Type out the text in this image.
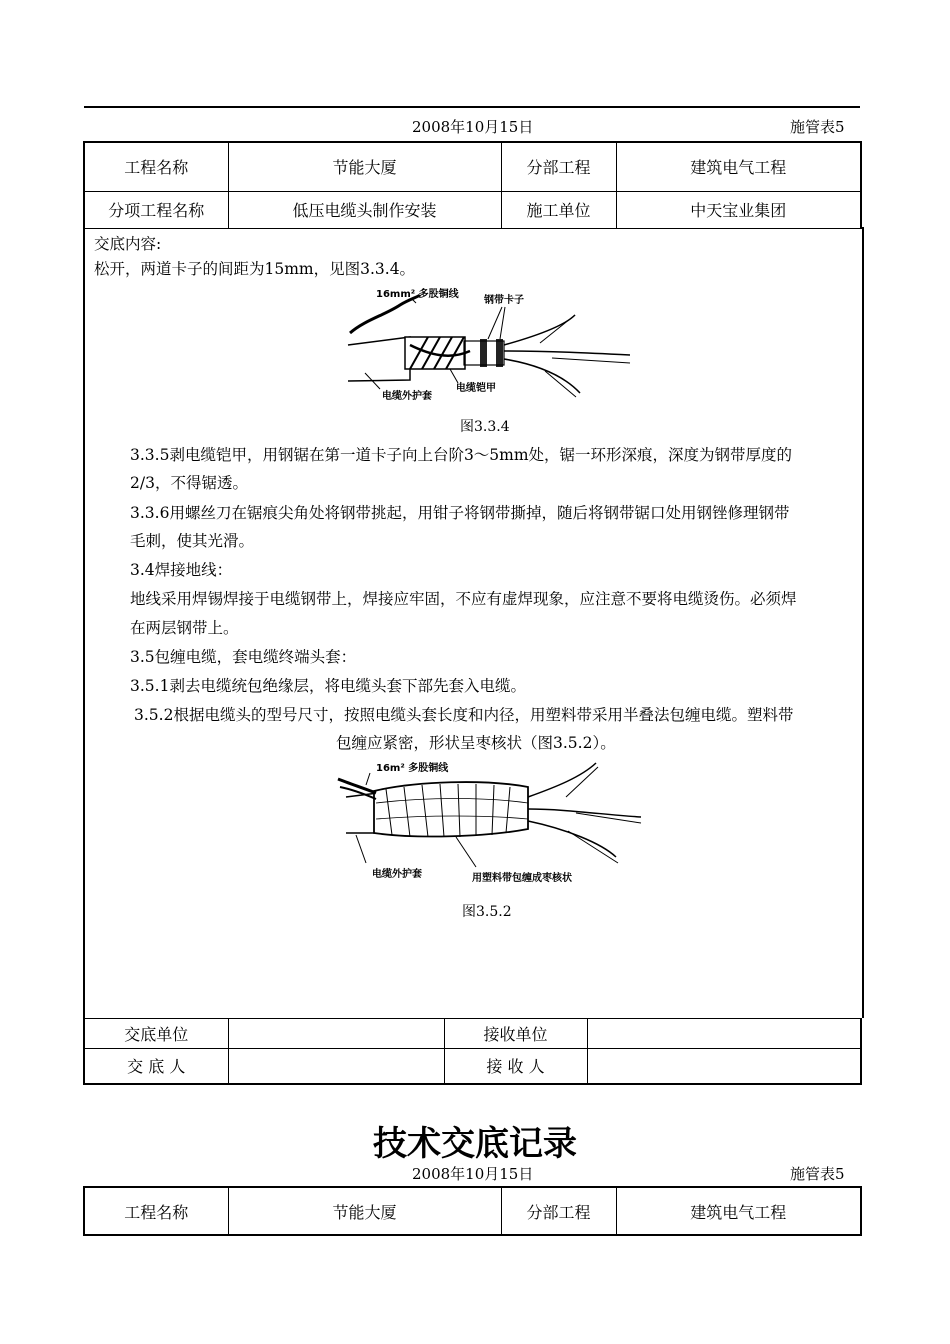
2008年10月15日	施管表5
工程名称	节能大厦	分部工程	建筑电气工程
分项工程名称	低压电缆头制作安装	施工单位	中天宝业集团
交底内容:
松开，两道卡子的间距为15mm，见图3.3.4。
16mm² 多股铜线
钢带卡子
电缆铠甲
电缆外护套
图3.3.4
3.3.5剥电缆铠甲，用钢锯在第一道卡子向上台阶3～5mm处，锯一环形深痕，深度为钢带厚度的
2/3，不得锯透。
3.3.6用螺丝刀在锯痕尖角处将钢带挑起，用钳子将钢带撕掉，随后将钢带锯口处用钢锉修理钢带
毛刺，使其光滑。
3.4焊接地线：
地线采用焊锡焊接于电缆钢带上，焊接应牢固，不应有虚焊现象，应注意不要将电缆烫伤。必须焊
在两层钢带上。
3.5包缠电缆，套电缆终端头套：
3.5.1剥去电缆统包绝缘层，将电缆头套下部先套入电缆。
3.5.2根据电缆头的型号尺寸，按照电缆头套长度和内径，用塑料带采用半叠法包缠电缆。塑料带
包缠应紧密，形状呈枣核状（图3.5.2）。
16m² 多股铜线
电缆外护套	用塑料带包缠成枣核状
图3.5.2
交底单位		接收单位	
交 底 人		接 收 人	
技术交底记录
2008年10月15日	施管表5
工程名称	节能大厦	分部工程	建筑电气工程
